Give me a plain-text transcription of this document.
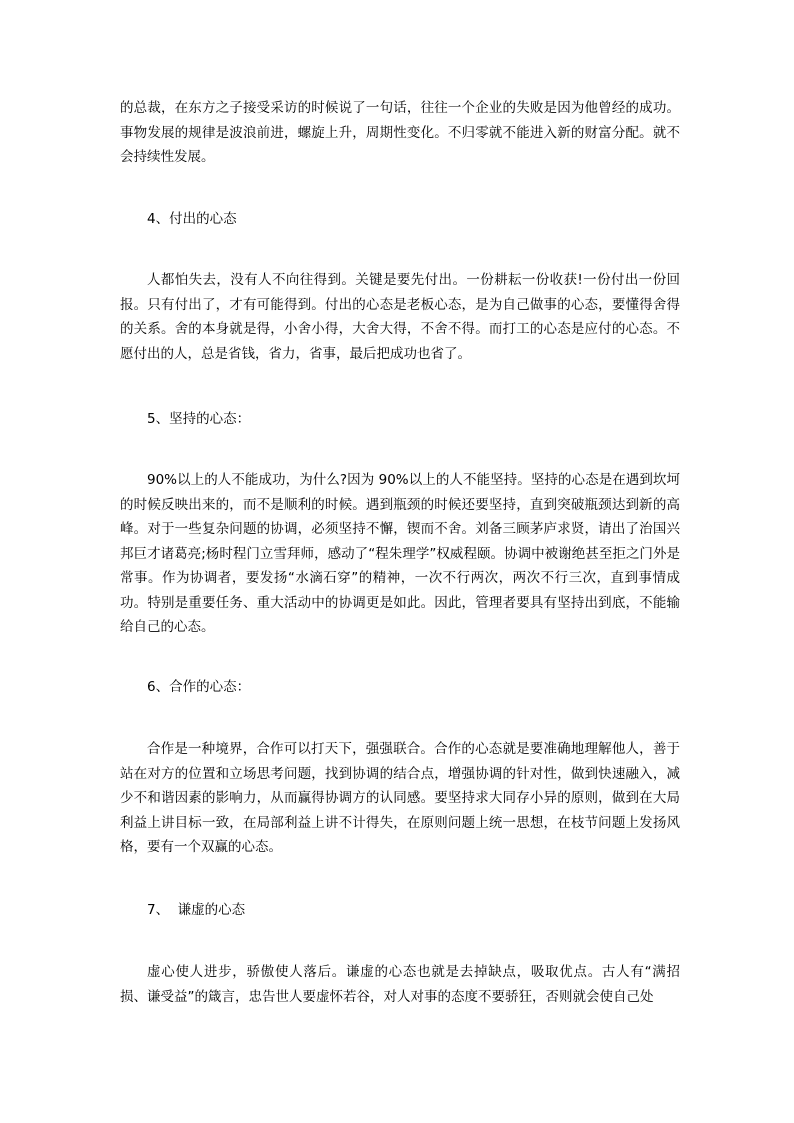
的总裁，在东方之子接受采访的时候说了一句话，往往一个企业的失败是因为他曾经的成功。事物发展的规律是波浪前进，螺旋上升，周期性变化。不归零就不能进入新的财富分配。就不会持续性发展。

4、付出的心态

人都怕失去，没有人不向往得到。关键是要先付出。一份耕耘一份收获!一份付出一份回报。只有付出了，才有可能得到。付出的心态是老板心态，是为自己做事的心态，要懂得舍得的关系。舍的本身就是得，小舍小得，大舍大得，不舍不得。而打工的心态是应付的心态。不愿付出的人，总是省钱，省力，省事，最后把成功也省了。

5、坚持的心态：

90%以上的人不能成功，为什么?因为 90%以上的人不能坚持。坚持的心态是在遇到坎坷的时候反映出来的，而不是顺利的时候。遇到瓶颈的时候还要坚持，直到突破瓶颈达到新的高峰。对于一些复杂问题的协调，必须坚持不懈，锲而不舍。刘备三顾茅庐求贤，请出了治国兴邦巨才诸葛亮;杨时程门立雪拜师，感动了“程朱理学”权威程颐。协调中被谢绝甚至拒之门外是常事。作为协调者，要发扬“水滴石穿”的精神，一次不行两次，两次不行三次，直到事情成功。特别是重要任务、重大活动中的协调更是如此。因此，管理者要具有坚持出到底，不能输给自己的心态。

6、合作的心态：

合作是一种境界，合作可以打天下，强强联合。合作的心态就是要准确地理解他人，善于站在对方的位置和立场思考问题，找到协调的结合点，增强协调的针对性，做到快速融入，减少不和谐因素的影响力，从而赢得协调方的认同感。要坚持求大同存小异的原则，做到在大局利益上讲目标一致，在局部利益上讲不计得失，在原则问题上统一思想，在枝节问题上发扬风格，要有一个双赢的心态。

7、  谦虚的心态

虚心使人进步，骄傲使人落后。谦虚的心态也就是去掉缺点，吸取优点。古人有“满招损、谦受益”的箴言，忠告世人要虚怀若谷，对人对事的态度不要骄狂，否则就会使自己处
